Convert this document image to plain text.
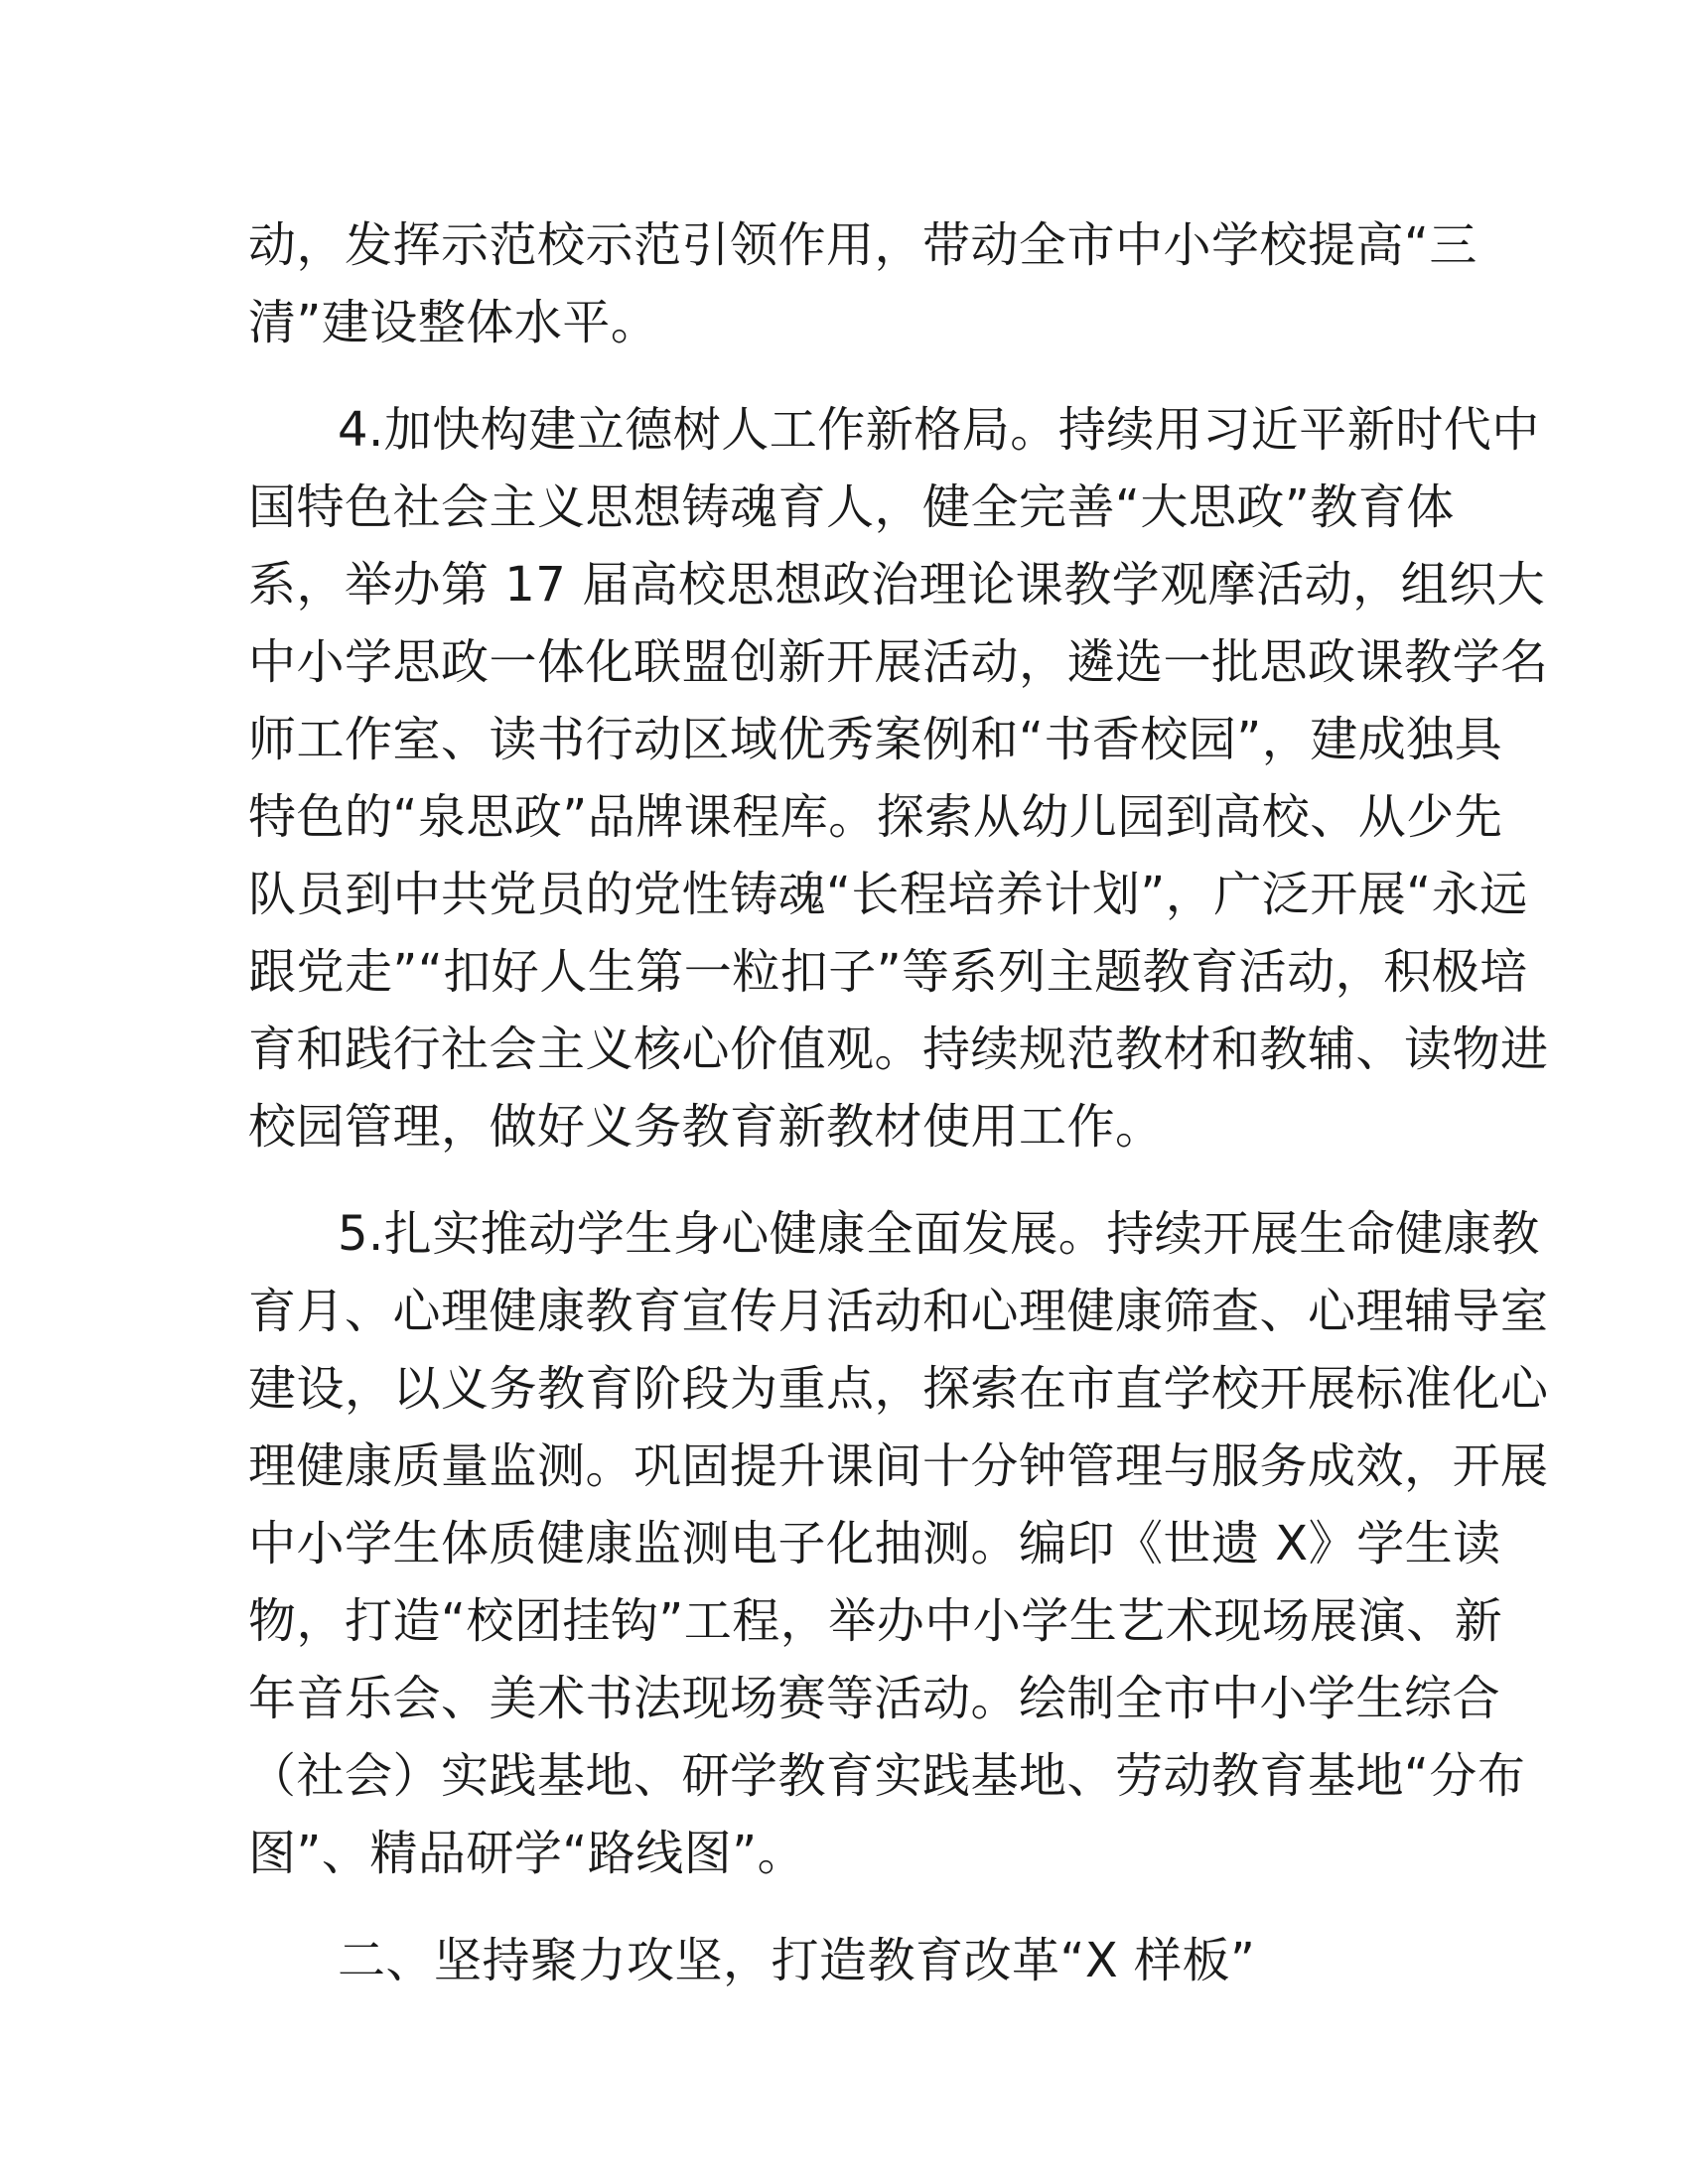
动，发挥示范校示范引领作用，带动全市中小学校提高“三
清”建设整体水平。
4.加快构建立德树人工作新格局。持续用习近平新时代中
国特色社会主义思想铸魂育人，健全完善“大思政”教育体
系，举办第 17 届高校思想政治理论课教学观摩活动，组织大
中小学思政一体化联盟创新开展活动，遴选一批思政课教学名
师工作室、读书行动区域优秀案例和“书香校园”，建成独具
特色的“泉思政”品牌课程库。探索从幼儿园到高校、从少先
队员到中共党员的党性铸魂“长程培养计划”，广泛开展“永远
跟党走”“扣好人生第一粒扣子”等系列主题教育活动，积极培
育和践行社会主义核心价值观。持续规范教材和教辅、读物进
校园管理，做好义务教育新教材使用工作。
5.扎实推动学生身心健康全面发展。持续开展生命健康教
育月、心理健康教育宣传月活动和心理健康筛查、心理辅导室
建设，以义务教育阶段为重点，探索在市直学校开展标准化心
理健康质量监测。巩固提升课间十分钟管理与服务成效，开展
中小学生体质健康监测电子化抽测。编印《世遗 X》学生读
物，打造“校团挂钩”工程，举办中小学生艺术现场展演、新
年音乐会、美术书法现场赛等活动。绘制全市中小学生综合
（社会）实践基地、研学教育实践基地、劳动教育基地“分布
图”、精品研学“路线图”。
二、坚持聚力攻坚，打造教育改革“X 样板”
